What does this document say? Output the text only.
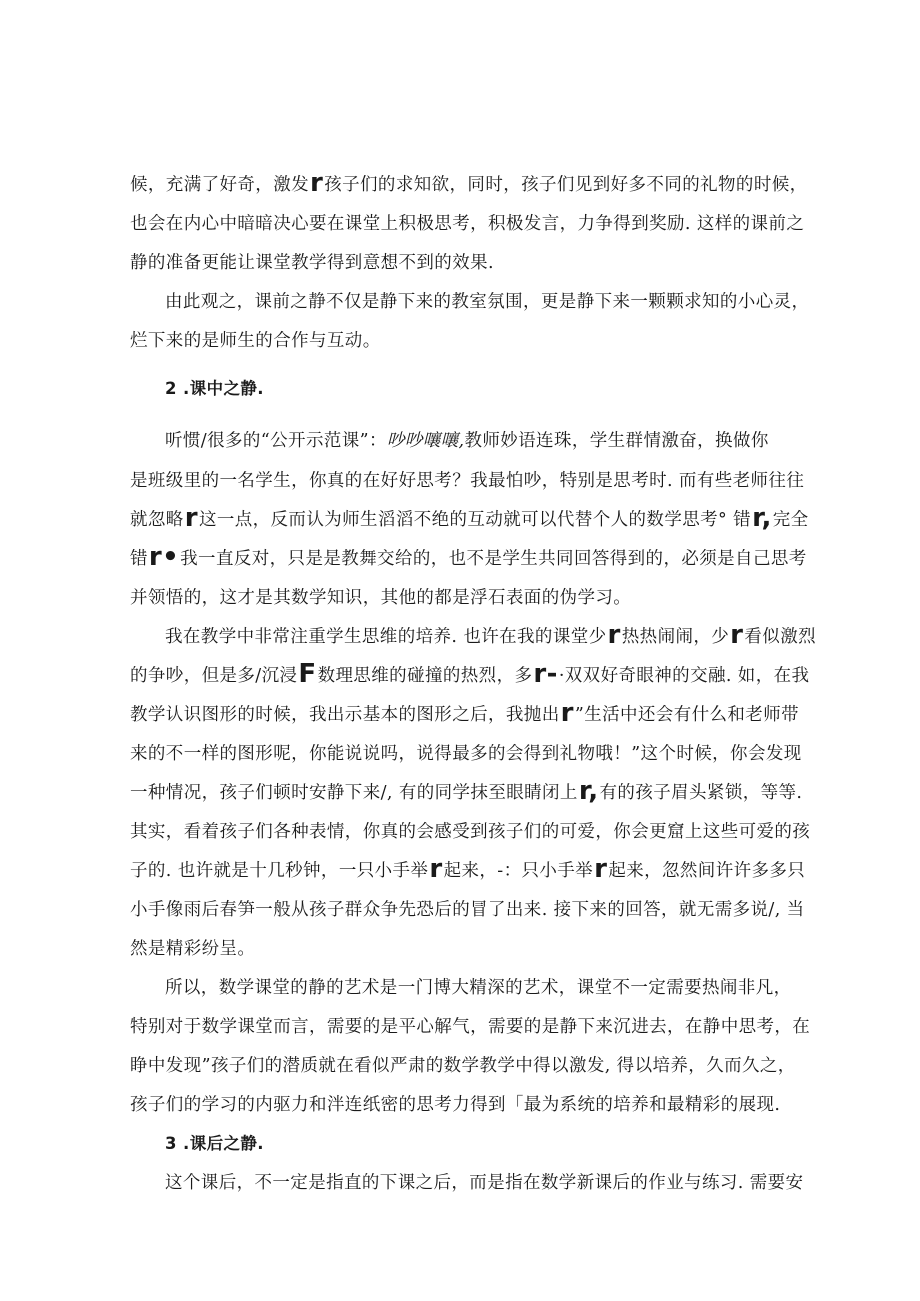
候，充满了好奇，激发r孩子们的求知欲，同时，孩子们见到好多不同的礼物的时候，
也会在内心中暗暗决心要在课堂上积极思考，积极发言，力争得到奖励. 这样的课前之
静的准备更能让课堂教学得到意想不到的效果.
由此观之，课前之静不仅是静下来的教室氛围，更是静下来一颗颗求知的小心灵，
烂下来的是师生的合作与互动。
2 .课中之静.
听惯/很多的“公开示范课”：吵吵嚷嚷,教师妙语连珠，学生群情激奋，换做你
是班级里的一名学生，你真的在好好思考？我最怕吵，特别是思考时. 而有些老师往往
就忽略r这一点，反而认为师生滔滔不绝的互动就可以代替个人的数学思考° 错r,完全
错r•我一直反对，只是是教舞交给的，也不是学生共同回答得到的，必须是自己思考
并领悟的，这才是其数学知识，其他的都是浮石表面的伪学习。
我在教学中非常注重学生思维的培养. 也许在我的课堂少r热热闹闹，少r看似激烈
的争吵，但是多/沉浸F数理思维的碰撞的热烈，多r-·双双好奇眼神的交融. 如，在我
教学认识图形的时候，我出示基本的图形之后，我抛出r”生活中还会有什么和老师带
来的不一样的图形呢，你能说说吗，说得最多的会得到礼物哦！”这个时候，你会发现
一种情况，孩子们顿时安静下来/, 有的同学抹至眼睛闭上r,有的孩子眉头紧锁，等等.
其实，看着孩子们各种表情，你真的会感受到孩子们的可爱，你会更窟上这些可爱的孩
子的. 也许就是十几秒钟，一只小手举r起来，-：只小手举r起来，忽然间许许多多只
小手像雨后春笋一般从孩子群众争先恐后的冒了出来. 接下来的回答，就无需多说/, 当
然是精彩纷呈。
所以，数学课堂的静的艺术是一门博大精深的艺术，课堂不一定需要热闹非凡，
特别对于数学课堂而言，需要的是平心解气，需要的是静下来沉进去，在静中思考，在
睁中发现”孩子们的潜质就在看似严肃的数学教学中得以激发, 得以培养，久而久之，
孩子们的学习的内驱力和泮连纸密的思考力得到「最为系统的培养和最精彩的展现.
3 .课后之静.
这个课后，不一定是指直的下课之后，而是指在数学新课后的作业与练习. 需要安
